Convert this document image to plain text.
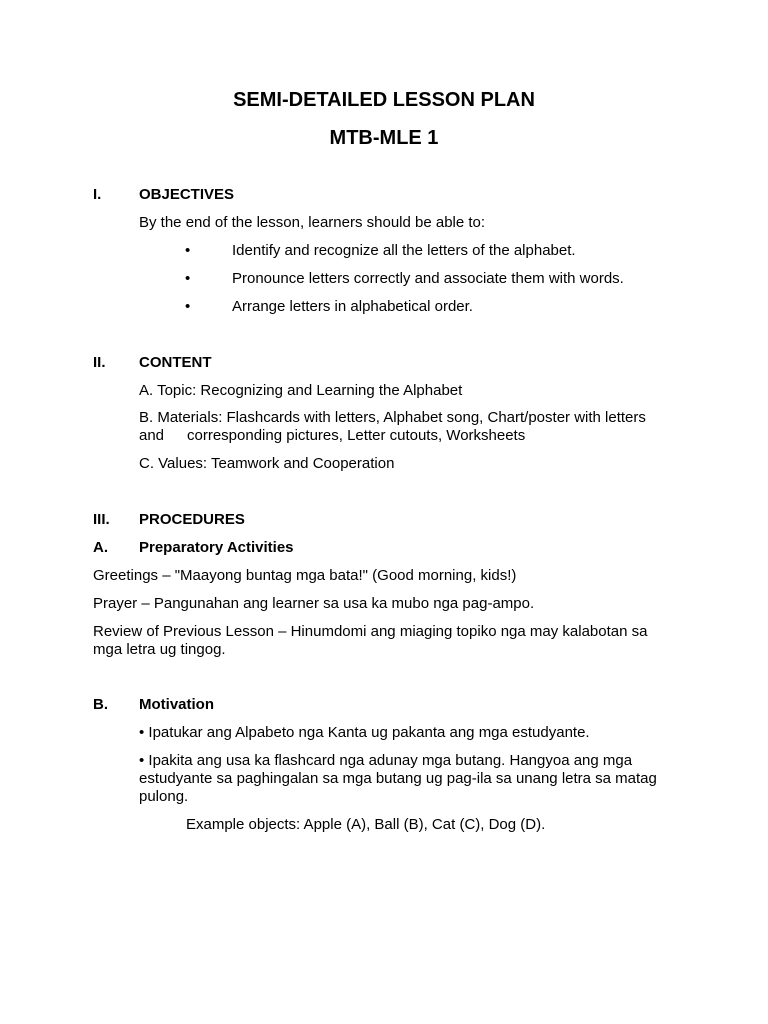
SEMI-DETAILED LESSON PLAN
MTB-MLE 1
I.	OBJECTIVES
By the end of the lesson, learners should be able to:
•	Identify and recognize all the letters of the alphabet.
•	Pronounce letters correctly and associate them with words.
•	Arrange letters in alphabetical order.
II. CONTENT
A. Topic: Recognizing and Learning the Alphabet
B. Materials: Flashcards with letters, Alphabet song, Chart/poster with letters
and corresponding pictures, Letter cutouts, Worksheets
C. Values: Teamwork and Cooperation
III. PROCEDURES
A. Preparatory Activities
Greetings – "Maayong buntag mga bata!" (Good morning, kids!)
Prayer – Pangunahan ang learner sa usa ka mubo nga pag-ampo.
Review of Previous Lesson – Hinumdomi ang miaging topiko nga may kalabotan sa
mga letra ug tingog.
B. Motivation
• Ipatukar ang Alpabeto nga Kanta ug pakanta ang mga estudyante.
• Ipakita ang usa ka flashcard nga adunay mga butang. Hangyoa ang mga
estudyante sa paghingalan sa mga butang ug pag-ila sa unang letra sa matag
pulong.
Example objects: Apple (A), Ball (B), Cat (C), Dog (D).
